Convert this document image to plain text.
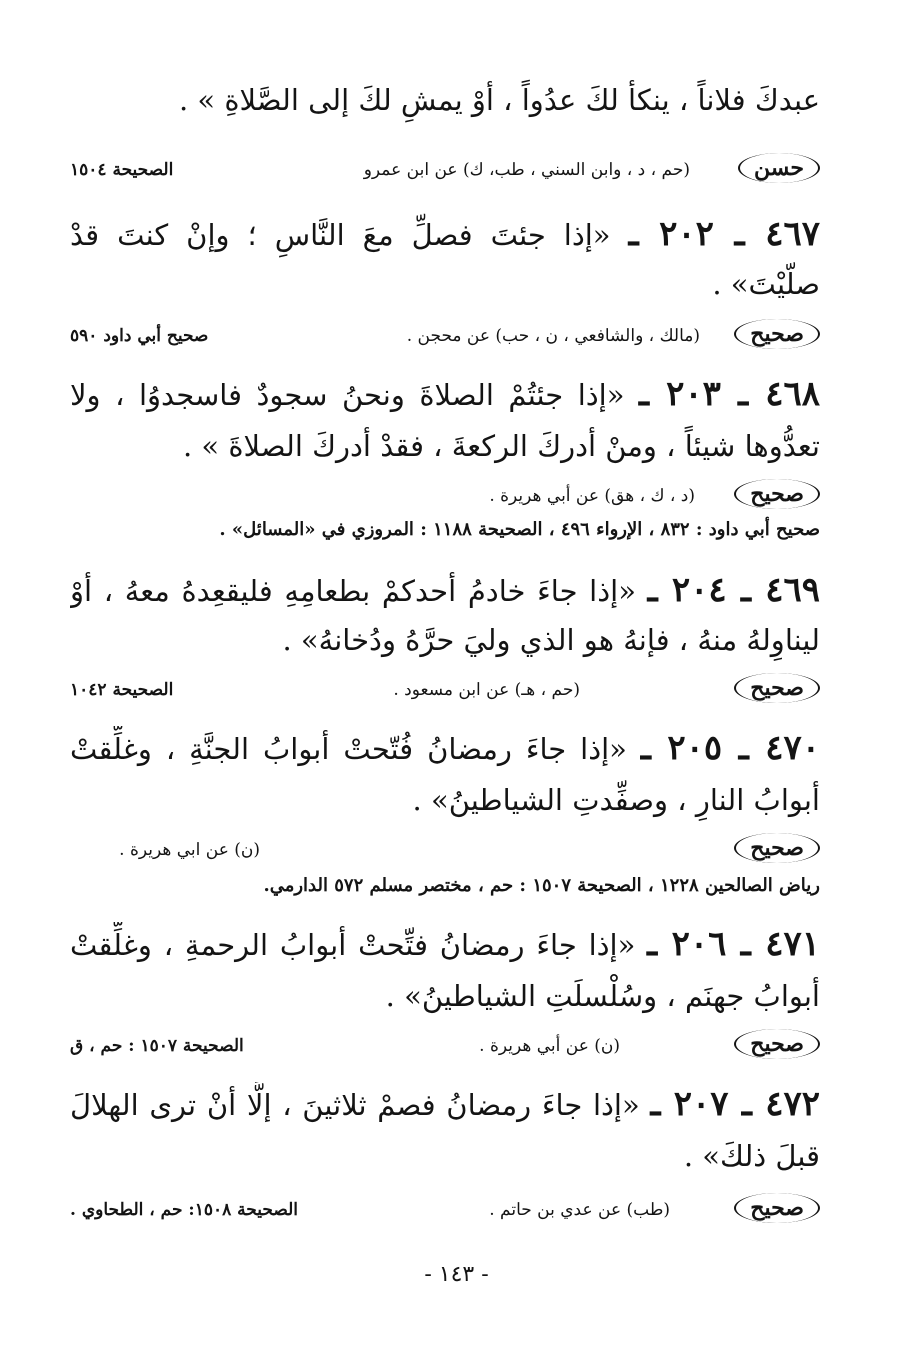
عبدكَ فلاناً ، ينكأ لكَ عدُواً ، أوْ يمشِ لكَ إلى الصَّلاةِ » .
حسن
(حم ، د ، وابن السني ، طب، ك) عن ابن عمرو
الصحيحة ١٥٠٤
٤٦٧ ـ ٢٠٢ ـ «إذا جئتَ فصلِّ معَ النَّاسِ ؛ وإنْ كنتَ قدْ
صلَّيْتَ» .
صحيح
(مالك ، والشافعي ، ن ، حب) عن محجن .
صحيح أبي داود ٥٩٠
٤٦٨ ـ ٢٠٣ ـ «إذا جئتُمْ الصلاةَ ونحنُ سجودٌ فاسجدوُا ، ولا
تعدُّوها شيئاً ، ومنْ أدركَ الركعةَ ، فقدْ أدركَ الصلاةَ » .
صحيح
(د ، ك ، هق) عن أبي هريرة .
صحيح أبي داود : ٨٣٢ ، الإرواء ٤٩٦ ، الصحيحة ١١٨٨ : المروزي في «المسائل» .
٤٦٩ ـ ٢٠٤ ـ «إذا جاءَ خادمُ أحدكمْ بطعامِهِ فليقعِدهُ معهُ ، أوْ
ليناوِلهُ منهُ ، فإنهُ هو الذي وليَ حرَّهُ ودُخانهُ» .
صحيح
(حم ، هـ) عن ابن مسعود .
الصحيحة ١٠٤٢
٤٧٠ ـ ٢٠٥ ـ «إذا جاءَ رمضانُ فُتّحتْ أبوابُ الجنَّةِ ، وغلِّقتْ
أبوابُ النارِ ، وصفِّدتِ الشياطينُ» .
صحيح
(ن) عن ابي هريرة .
رياض الصالحين ١٢٢٨ ، الصحيحة ١٥٠٧ : حم ، مختصر مسلم ٥٧٢ الدارمي.
٤٧١ ـ ٢٠٦ ـ «إذا جاءَ رمضانُ فتِّحتْ أبوابُ الرحمةِ ، وغلِّقتْ
أبوابُ جهنَم ، وسُلْسلَتِ الشياطينُ» .
صحيح
(ن) عن أبي هريرة .
الصحيحة ١٥٠٧ : حم ، ق
٤٧٢ ـ ٢٠٧ ـ «إذا جاءَ رمضانُ فصمْ ثلاثينَ ، إلَّا أنْ ترى الهلالَ
قبلَ ذلكَ» .
صحيح
(طب) عن عدي بن حاتم .
الصحيحة ١٥٠٨: حم ، الطحاوي .
- ١٤٣ -
